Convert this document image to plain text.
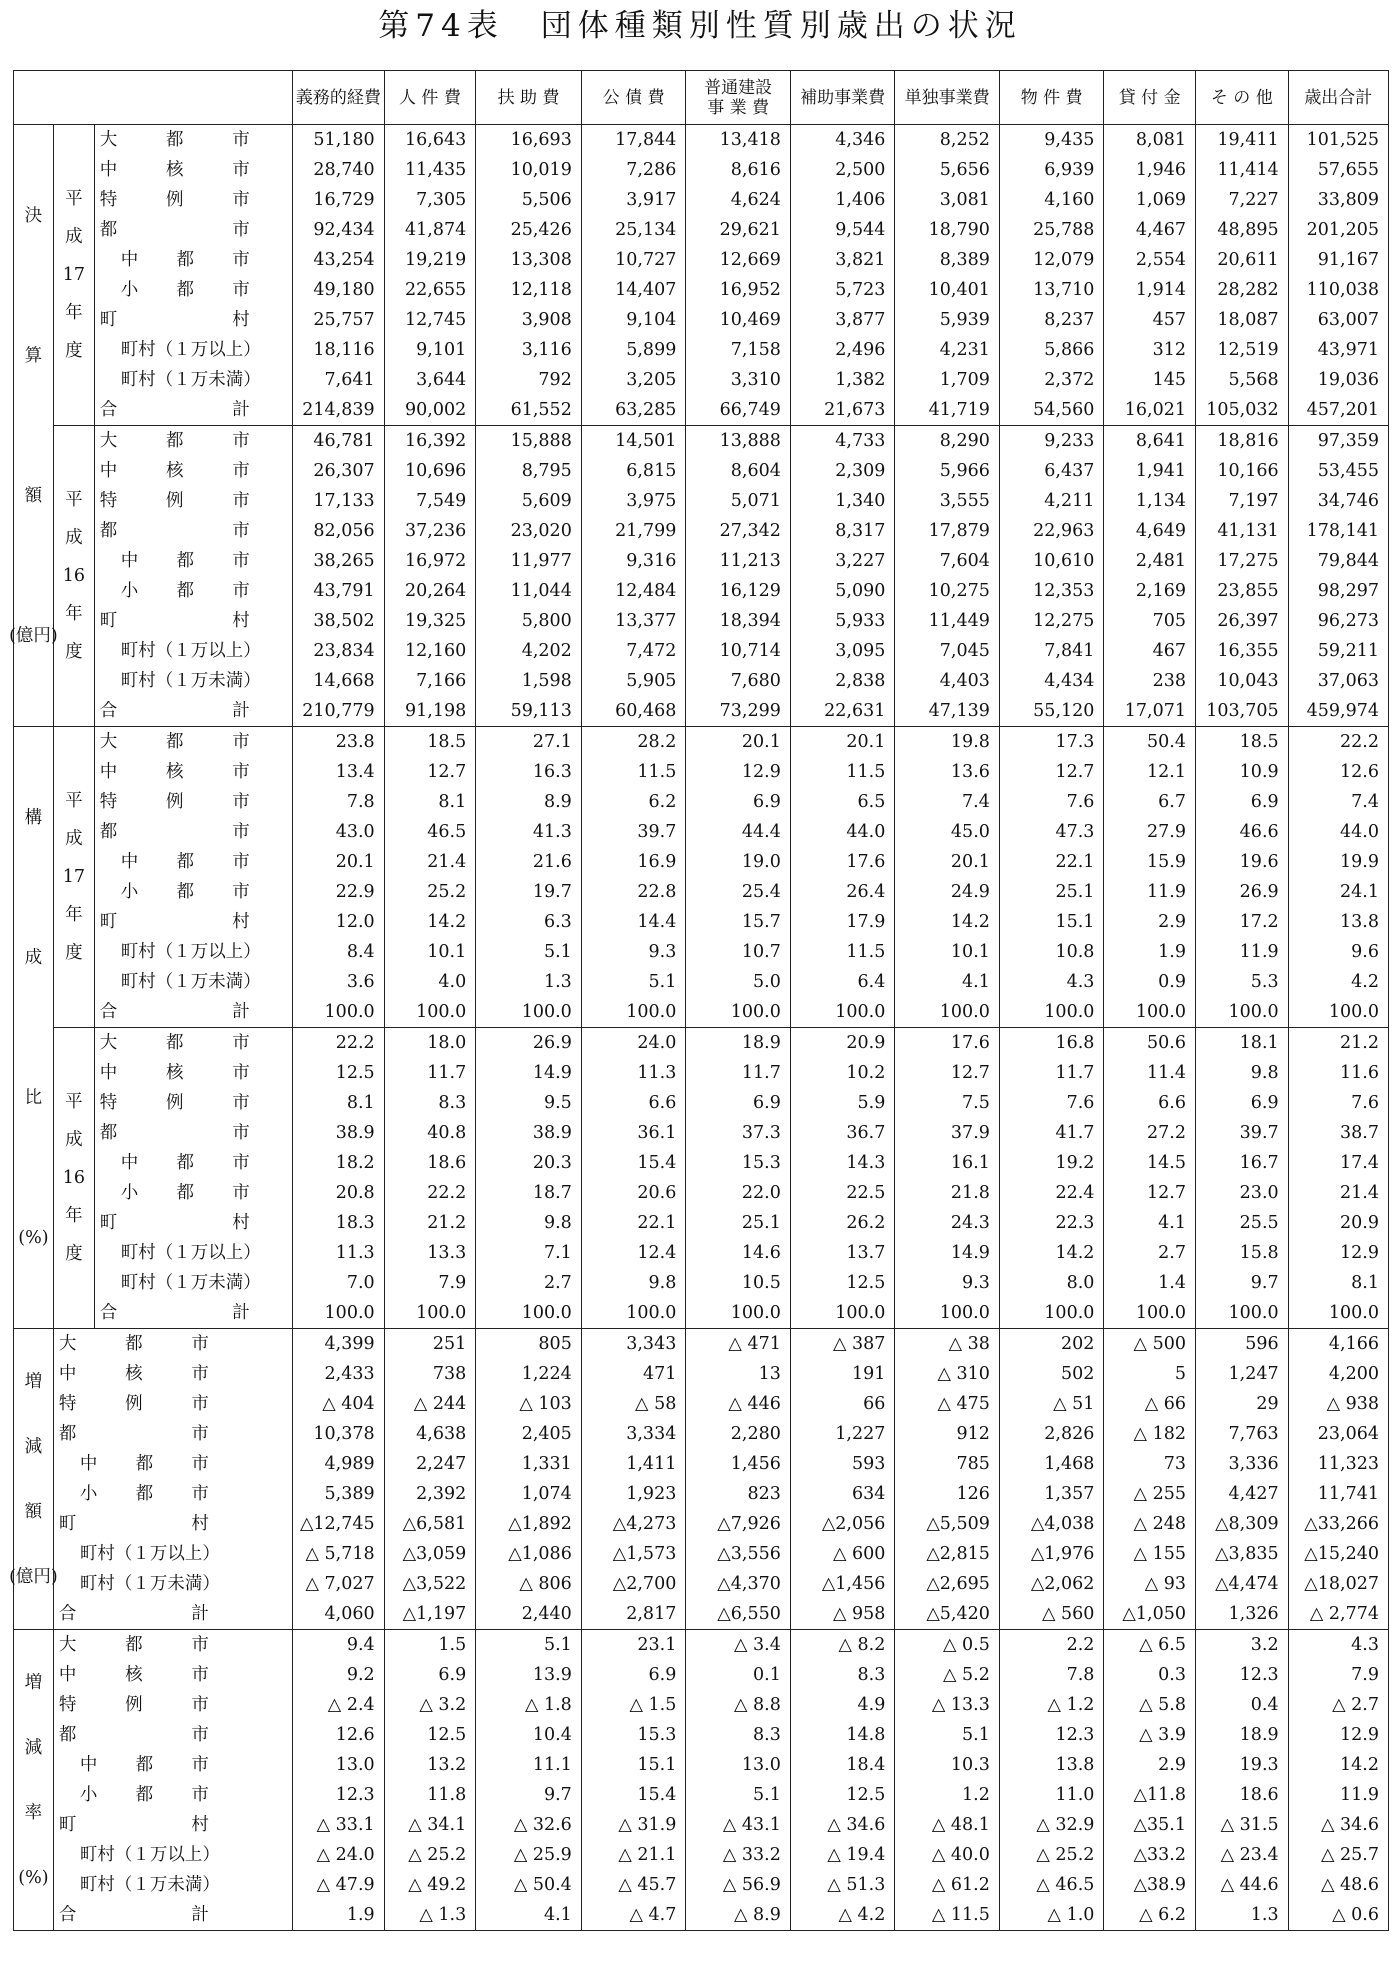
第74表　団体種類別性質別歳出の状況

			義務的経費	人 件 費	扶 助 費	公 債 費	普通建設
事 業 費	補助事業費	単独事業費	物 件 費	貸 付 金	そ の 他	歳出合計

決
算
額
(億円)	平
成
17
年
度	大 都 市	51,180	16,643	16,693	17,844	13,418	4,346	8,252	9,435	8,081	19,411	101,525

		中 核 市	28,740	11,435	10,019	7,286	8,616	2,500	5,656	6,939	1,946	11,414	57,655

		特 例 市	16,729	7,305	5,506	3,917	4,624	1,406	3,081	4,160	1,069	7,227	33,809

		都 市	92,434	41,874	25,426	25,134	29,621	9,544	18,790	25,788	4,467	48,895	201,205

		中 都 市	43,254	19,219	13,308	10,727	12,669	3,821	8,389	12,079	2,554	20,611	91,167

		小 都 市	49,180	22,655	12,118	14,407	16,952	5,723	10,401	13,710	1,914	28,282	110,038

		町 村	25,757	12,745	3,908	9,104	10,469	3,877	5,939	8,237	457	18,087	63,007

町村（１万以上）	18,116	9,101	3,116	5,899	7,158	2,496	4,231	5,866	312	12,519	43,971

町村（１万未満）	7,641	3,644	792	3,205	3,310	1,382	1,709	2,372	145	5,568	19,036

		合 計	214,839	90,002	61,552	63,285	66,749	21,673	41,719	54,560	16,021	105,032	457,201

	平
成
16
年
度	大 都 市	46,781	16,392	15,888	14,501	13,888	4,733	8,290	9,233	8,641	18,816	97,359

		中 核 市	26,307	10,696	8,795	6,815	8,604	2,309	5,966	6,437	1,941	10,166	53,455

		特 例 市	17,133	7,549	5,609	3,975	5,071	1,340	3,555	4,211	1,134	7,197	34,746

		都 市	82,056	37,236	23,020	21,799	27,342	8,317	17,879	22,963	4,649	41,131	178,141

		中 都 市	38,265	16,972	11,977	9,316	11,213	3,227	7,604	10,610	2,481	17,275	79,844

		小 都 市	43,791	20,264	11,044	12,484	16,129	5,090	10,275	12,353	2,169	23,855	98,297

		町 村	38,502	19,325	5,800	13,377	18,394	5,933	11,449	12,275	705	26,397	96,273

町村（１万以上）	23,834	12,160	4,202	7,472	10,714	3,095	7,045	7,841	467	16,355	59,211

町村（１万未満）	14,668	7,166	1,598	5,905	7,680	2,838	4,403	4,434	238	10,043	37,063

		合 計	210,779	91,198	59,113	60,468	73,299	22,631	47,139	55,120	17,071	103,705	459,974

構
成
比
(%)	平
成
17
年
度	大 都 市	23.8	18.5	27.1	28.2	20.1	20.1	19.8	17.3	50.4	18.5	22.2

		中 核 市	13.4	12.7	16.3	11.5	12.9	11.5	13.6	12.7	12.1	10.9	12.6

		特 例 市	7.8	8.1	8.9	6.2	6.9	6.5	7.4	7.6	6.7	6.9	7.4

		都 市	43.0	46.5	41.3	39.7	44.4	44.0	45.0	47.3	27.9	46.6	44.0

		中 都 市	20.1	21.4	21.6	16.9	19.0	17.6	20.1	22.1	15.9	19.6	19.9

		小 都 市	22.9	25.2	19.7	22.8	25.4	26.4	24.9	25.1	11.9	26.9	24.1

		町 村	12.0	14.2	6.3	14.4	15.7	17.9	14.2	15.1	2.9	17.2	13.8

町村（１万以上）	8.4	10.1	5.1	9.3	10.7	11.5	10.1	10.8	1.9	11.9	9.6

町村（１万未満）	3.6	4.0	1.3	5.1	5.0	6.4	4.1	4.3	0.9	5.3	4.2

		合 計	100.0	100.0	100.0	100.0	100.0	100.0	100.0	100.0	100.0	100.0	100.0

	平
成
16
年
度	大 都 市	22.2	18.0	26.9	24.0	18.9	20.9	17.6	16.8	50.6	18.1	21.2

		中 核 市	12.5	11.7	14.9	11.3	11.7	10.2	12.7	11.7	11.4	9.8	11.6

		特 例 市	8.1	8.3	9.5	6.6	6.9	5.9	7.5	7.6	6.6	6.9	7.6

		都 市	38.9	40.8	38.9	36.1	37.3	36.7	37.9	41.7	27.2	39.7	38.7

		中 都 市	18.2	18.6	20.3	15.4	15.3	14.3	16.1	19.2	14.5	16.7	17.4

		小 都 市	20.8	22.2	18.7	20.6	22.0	22.5	21.8	22.4	12.7	23.0	21.4

		町 村	18.3	21.2	9.8	22.1	25.1	26.2	24.3	22.3	4.1	25.5	20.9

町村（１万以上）	11.3	13.3	7.1	12.4	14.6	13.7	14.9	14.2	2.7	15.8	12.9

町村（１万未満）	7.0	7.9	2.7	9.8	10.5	12.5	9.3	8.0	1.4	9.7	8.1

		合 計	100.0	100.0	100.0	100.0	100.0	100.0	100.0	100.0	100.0	100.0	100.0

増
減
額
(億円)	大 都 市		4,399	251	805	3,343	△ 471	△ 387	△ 38	202	△ 500	596	4,166

	中 核 市		2,433	738	1,224	471	13	191	△ 310	502	5	1,247	4,200

	特 例 市		△ 404	△ 244	△ 103	△ 58	△ 446	66	△ 475	△ 51	△ 66	29	△ 938

	都 市		10,378	4,638	2,405	3,334	2,280	1,227	912	2,826	△ 182	7,763	23,064

	中 都 市		4,989	2,247	1,331	1,411	1,456	593	785	1,468	73	3,336	11,323

	小 都 市		5,389	2,392	1,074	1,923	823	634	126	1,357	△ 255	4,427	11,741

	町 村		△12,745	△6,581	△1,892	△4,273	△7,926	△2,056	△5,509	△4,038	△ 248	△8,309	△33,266

町村（１万以上）		△ 5,718	△3,059	△1,086	△1,573	△3,556	△ 600	△2,815	△1,976	△ 155	△3,835	△15,240

町村（１万未満）		△ 7,027	△3,522	△ 806	△2,700	△4,370	△1,456	△2,695	△2,062	△ 93	△4,474	△18,027

	合 計		4,060	△1,197	2,440	2,817	△6,550	△ 958	△5,420	△ 560	△1,050	1,326	△ 2,774

増
減
率
(%)	大 都 市		9.4	1.5	5.1	23.1	△ 3.4	△ 8.2	△ 0.5	2.2	△ 6.5	3.2	4.3

	中 核 市		9.2	6.9	13.9	6.9	0.1	8.3	△ 5.2	7.8	0.3	12.3	7.9

	特 例 市		△ 2.4	△ 3.2	△ 1.8	△ 1.5	△ 8.8	4.9	△ 13.3	△ 1.2	△ 5.8	0.4	△ 2.7

	都 市		12.6	12.5	10.4	15.3	8.3	14.8	5.1	12.3	△ 3.9	18.9	12.9

	中 都 市		13.0	13.2	11.1	15.1	13.0	18.4	10.3	13.8	2.9	19.3	14.2

	小 都 市		12.3	11.8	9.7	15.4	5.1	12.5	1.2	11.0	△11.8	18.6	11.9

	町 村		△ 33.1	△ 34.1	△ 32.6	△ 31.9	△ 43.1	△ 34.6	△ 48.1	△ 32.9	△35.1	△ 31.5	△ 34.6

町村（１万以上）		△ 24.0	△ 25.2	△ 25.9	△ 21.1	△ 33.2	△ 19.4	△ 40.0	△ 25.2	△33.2	△ 23.4	△ 25.7

町村（１万未満）		△ 47.9	△ 49.2	△ 50.4	△ 45.7	△ 56.9	△ 51.3	△ 61.2	△ 46.5	△38.9	△ 44.6	△ 48.6

	合 計		1.9	△ 1.3	4.1	△ 4.7	△ 8.9	△ 4.2	△ 11.5	△ 1.0	△ 6.2	1.3	△ 0.6
